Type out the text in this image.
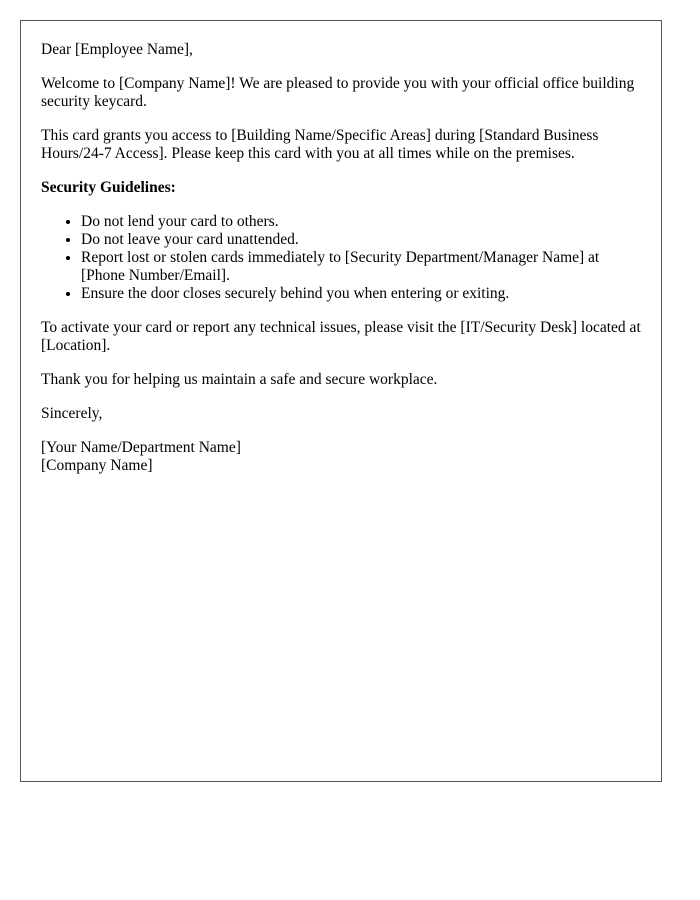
Dear [Employee Name],

Welcome to [Company Name]! We are pleased to provide you with your official office building security keycard.

This card grants you access to [Building Name/Specific Areas] during [Standard Business Hours/24-7 Access]. Please keep this card with you at all times while on the premises.

Security Guidelines:

• Do not lend your card to others.
• Do not leave your card unattended.
• Report lost or stolen cards immediately to [Security Department/Manager Name] at [Phone Number/Email].
• Ensure the door closes securely behind you when entering or exiting.

To activate your card or report any technical issues, please visit the [IT/Security Desk] located at [Location].

Thank you for helping us maintain a safe and secure workplace.

Sincerely,

[Your Name/Department Name]
[Company Name]
